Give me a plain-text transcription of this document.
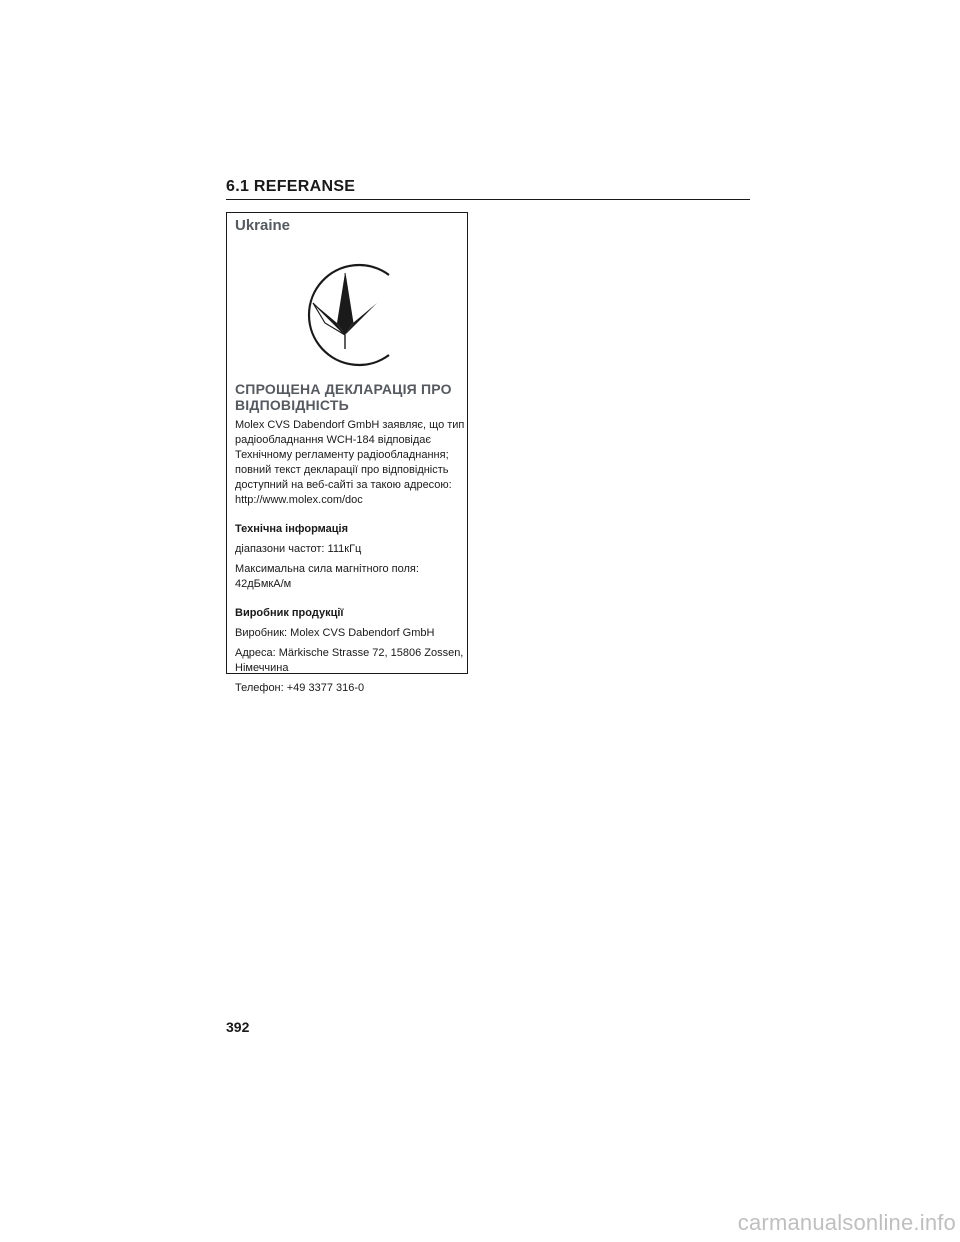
6.1 REFERANSE
Ukraine
СПРОЩЕНА ДЕКЛАРАЦІЯ ПРО
ВІДПОВІДНІСТЬ

Molex CVS Dabendorf GmbH заявляє, що тип
радіообладнання WCH-184 відповідає
Технічному регламенту радіообладнання;
повний текст декларації про відповідність
доступний на веб-сайті за такою адресою:
http://www.molex.com/doc

Технічна інформація

діапазони частот: 111кГц

Максимальна сила магнітного поля:
42дБмкА/м

Виробник продукції

Виробник: Molex CVS Dabendorf GmbH

Адреса: Märkische Strasse 72, 15806 Zossen,
Німеччина

Телефон: +49 3377 316-0

392
carmanualsonline.info
